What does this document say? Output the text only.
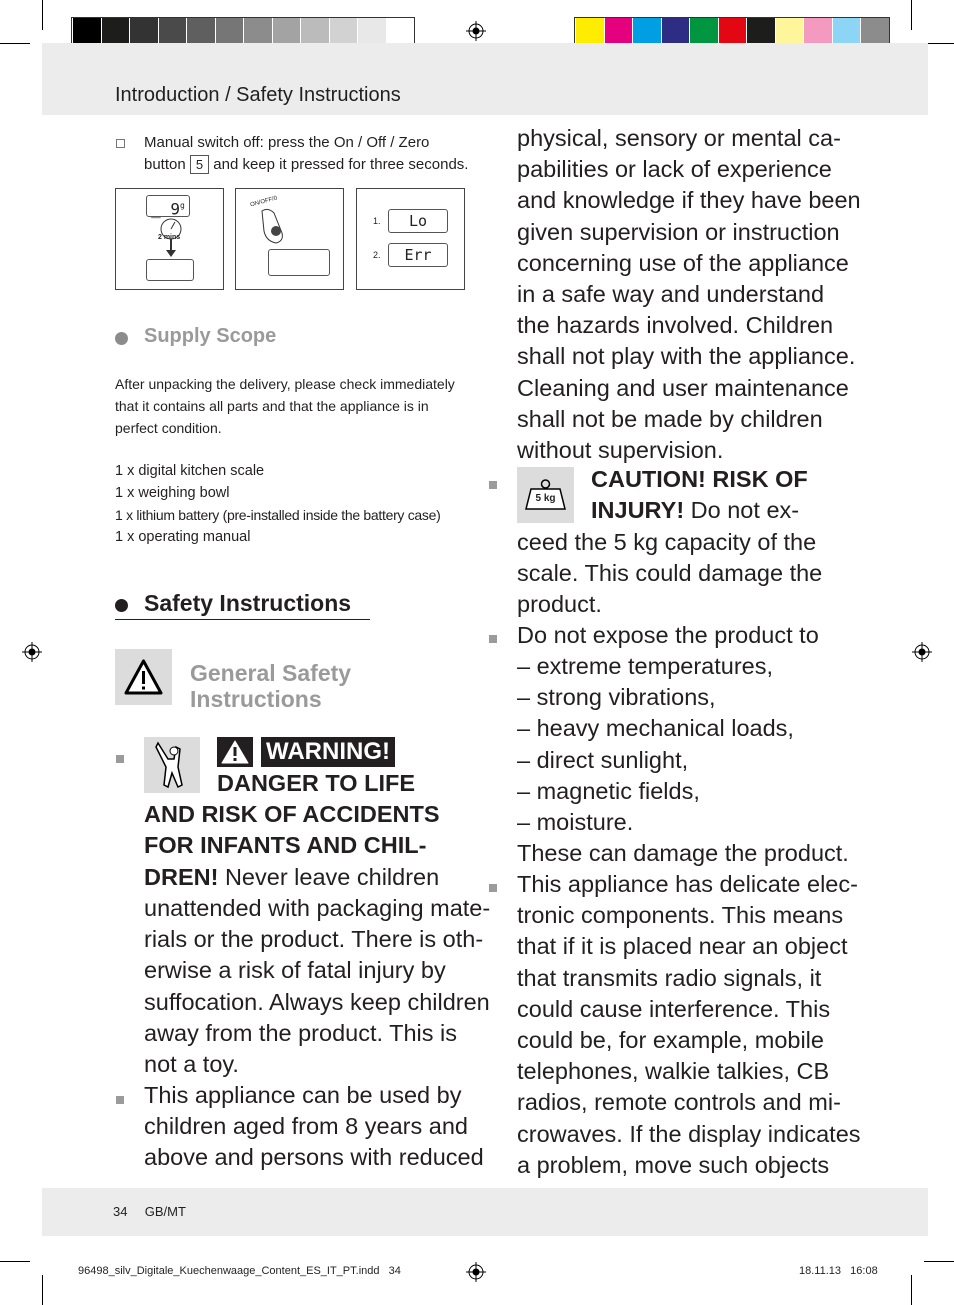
Introduction / Safety Instructions
Manual switch off: press the On / Off / Zero
button 5 and keep it pressed for three seconds.
_ 9$^g$
2 mins
ON/OFF/0
1.	Lo
2.	Err
Supply Scope
After unpacking the delivery, please check immediately
that it contains all parts and that the appliance is in
perfect condition.
1 x digital kitchen scale
1 x weighing bowl
1 x lithium battery (pre-installed inside the battery case)
1 x operating manual
Safety Instructions
General Safety
Instructions
WARNING!
DANGER TO LIFE
AND RISK OF ACCIDENTS
FOR INFANTS AND CHIL-
DREN! Never leave children
unattended with packaging mate-
rials or the product. There is oth-
erwise a risk of fatal injury by
suffocation. Always keep children
away from the product. This is
not a toy.
This appliance can be used by
children aged from 8 years and
above and persons with reduced
physical, sensory or mental ca-
pabilities or lack of experience
and knowledge if they have been
given supervision or instruction
concerning use of the appliance
in a safe way and understand
the hazards involved. Children
shall not play with the appliance.
Cleaning and user maintenance
shall not be made by children
without supervision.
5 kg
CAUTION! RISK OF
INJURY! Do not ex-
ceed the 5 kg capacity of the
scale. This could damage the
product.
Do not expose the product to
– extreme temperatures,
– strong vibrations,
– heavy mechanical loads,
– direct sunlight,
– magnetic fields,
– moisture.
These can damage the product.
This appliance has delicate elec-
tronic components. This means
that if it is placed near an object
that transmits radio signals, it
could cause interference. This
could be, for example, mobile
telephones, walkie talkies, CB
radios, remote controls and mi-
crowaves. If the display indicates
a problem, move such objects
34 GB/MT
96498_silv_Digitale_Kuechenwaage_Content_ES_IT_PT.indd   34	18.11.13   16:08
